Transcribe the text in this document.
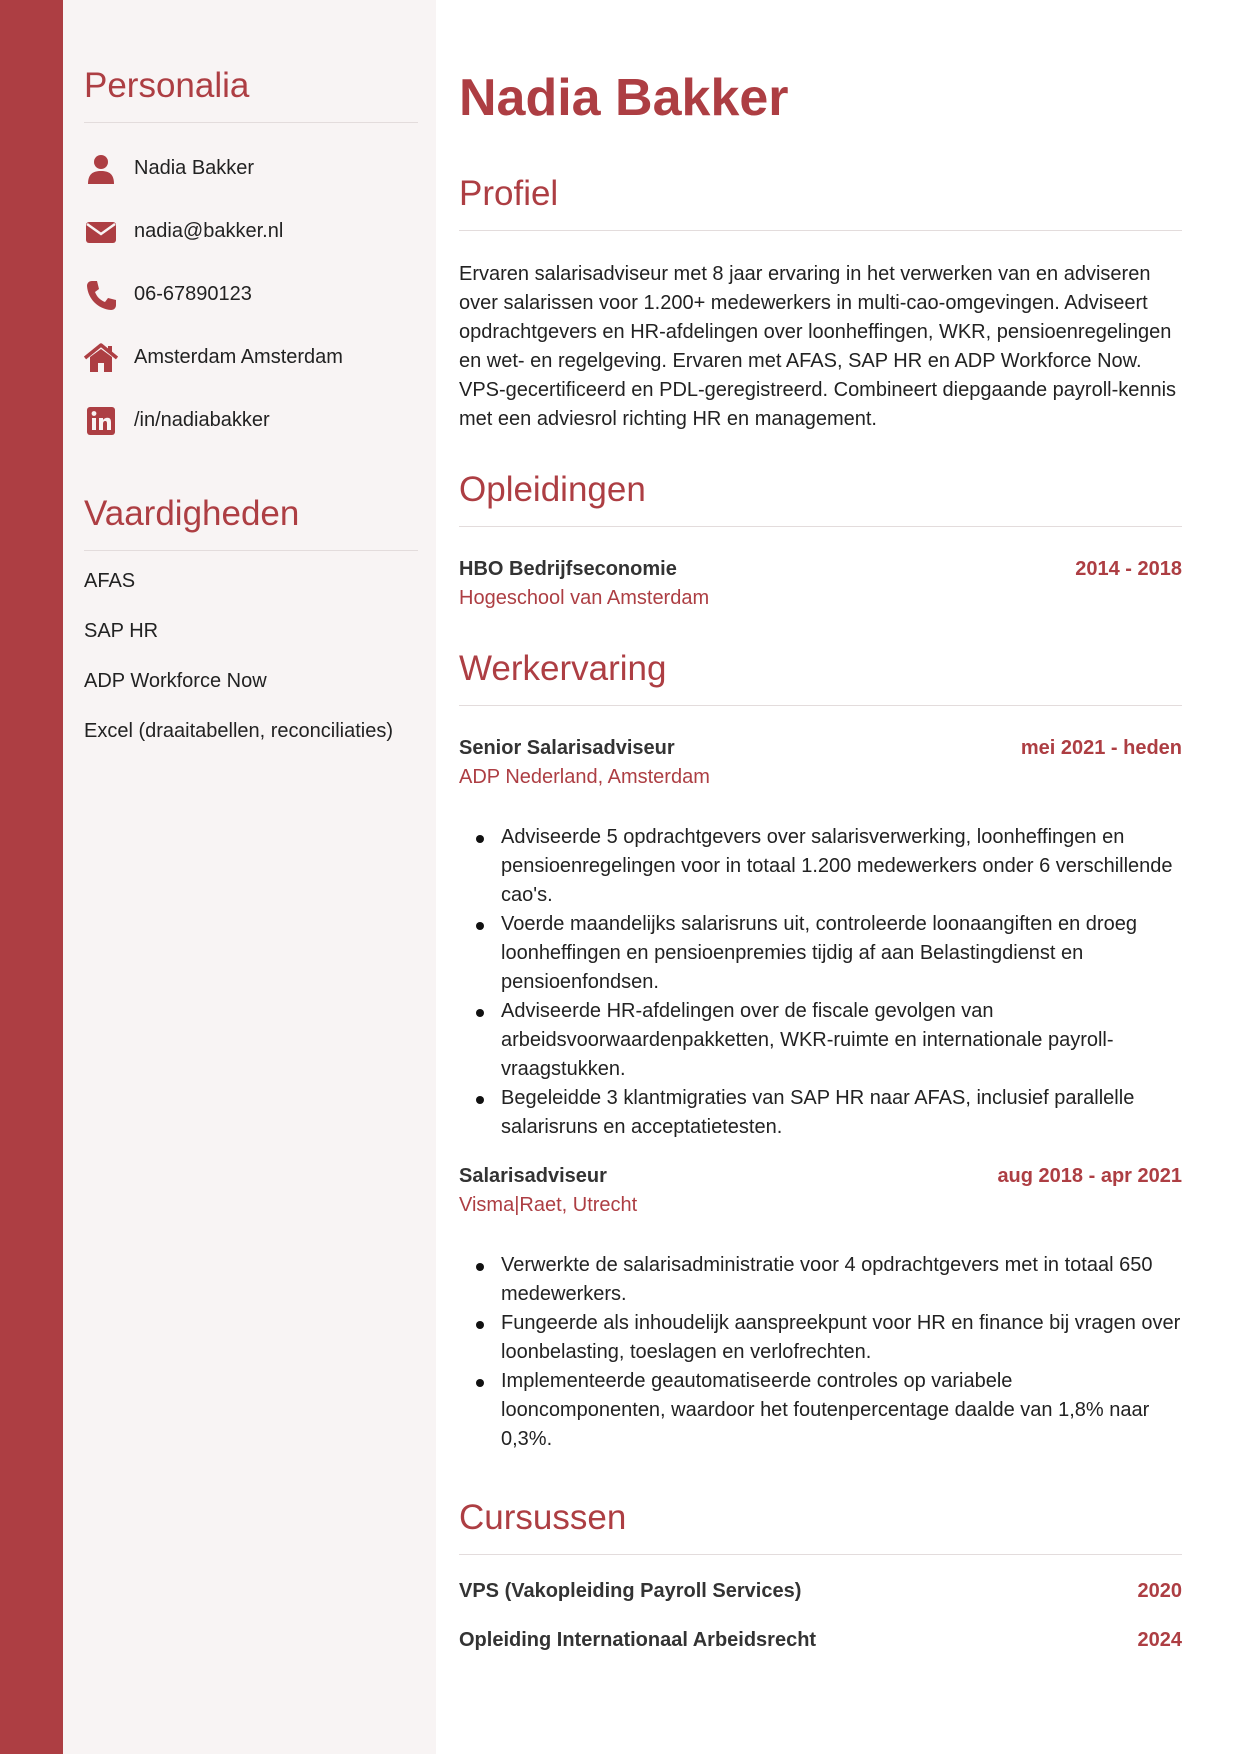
Personalia
Nadia Bakker
nadia@bakker.nl
06-67890123
Amsterdam Amsterdam
/in/nadiabakker
Vaardigheden
AFAS
SAP HR
ADP Workforce Now
Excel (draaitabellen, reconciliaties)
Nadia Bakker
Profiel

Ervaren salarisadviseur met 8 jaar ervaring in het verwerken van en adviseren over salarissen voor 1.200+ medewerkers in multi-cao-omgevingen. Adviseert opdrachtgevers en HR-afdelingen over loonheffingen, WKR, pensioenregelingen en wet- en regelgeving. Ervaren met AFAS, SAP HR en ADP Workforce Now. VPS-gecertificeerd en PDL-geregistreerd. Combineert diepgaande payroll-kennis met een adviesrol richting HR en management.

Opleidingen
HBO Bedrijfseconomie	2014 - 2018
Hogeschool van Amsterdam
Werkervaring
Senior Salarisadviseur	mei 2021 - heden
ADP Nederland, Amsterdam
Adviseerde 5 opdrachtgevers over salarisverwerking, loonheffingen en pensioenregelingen voor in totaal 1.200 medewerkers onder 6 verschillende cao's.
Voerde maandelijks salarisruns uit, controleerde loonaangiften en droeg loonheffingen en pensioenpremies tijdig af aan Belastingdienst en pensioenfondsen.
Adviseerde HR-afdelingen over de fiscale gevolgen van arbeidsvoorwaardenpakketten, WKR-ruimte en internationale payroll-vraagstukken.
Begeleidde 3 klantmigraties van SAP HR naar AFAS, inclusief parallelle salarisruns en acceptatietesten.
Salarisadviseur	aug 2018 - apr 2021
Visma|Raet, Utrecht
Verwerkte de salarisadministratie voor 4 opdrachtgevers met in totaal 650 medewerkers.
Fungeerde als inhoudelijk aanspreekpunt voor HR en finance bij vragen over loonbelasting, toeslagen en verlofrechten.
Implementeerde geautomatiseerde controles op variabele looncomponenten, waardoor het foutenpercentage daalde van 1,8% naar 0,3%.
Cursussen
VPS (Vakopleiding Payroll Services)	2020
Opleiding Internationaal Arbeidsrecht	2024
